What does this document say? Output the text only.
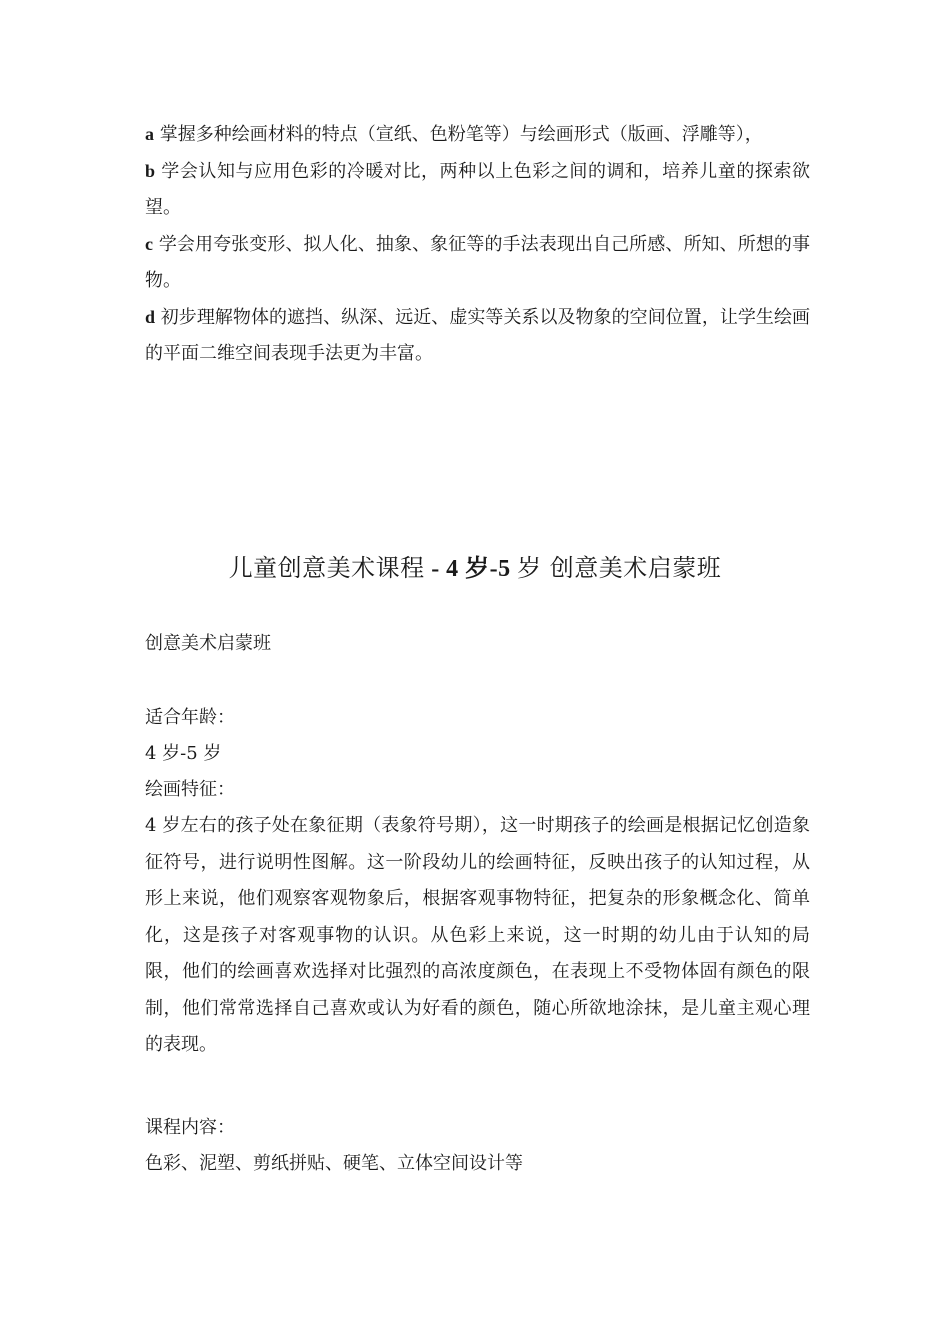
a 掌握多种绘画材料的特点（宣纸、色粉笔等）与绘画形式（版画、浮雕等），

b 学会认知与应用色彩的冷暖对比，两种以上色彩之间的调和，培养儿童的探索欲望。

c 学会用夸张变形、拟人化、抽象、象征等的手法表现出自己所感、所知、所想的事物。

d 初步理解物体的遮挡、纵深、远近、虚实等关系以及物象的空间位置，让学生绘画的平面二维空间表现手法更为丰富。

儿童创意美术课程 - 4 岁-5 岁 创意美术启蒙班

创意美术启蒙班

适合年龄：

4 岁-5 岁

绘画特征：

4 岁左右的孩子处在象征期（表象符号期），这一时期孩子的绘画是根据记忆创造象征符号，进行说明性图解。这一阶段幼儿的绘画特征，反映出孩子的认知过程，从形上来说，他们观察客观物象后，根据客观事物特征，把复杂的形象概念化、简单化，这是孩子对客观事物的认识。从色彩上来说，这一时期的幼儿由于认知的局限，他们的绘画喜欢选择对比强烈的高浓度颜色，在表现上不受物体固有颜色的限制，他们常常选择自己喜欢或认为好看的颜色，随心所欲地涂抹，是儿童主观心理的表现。

课程内容：

色彩、泥塑、剪纸拼贴、硬笔、立体空间设计等
